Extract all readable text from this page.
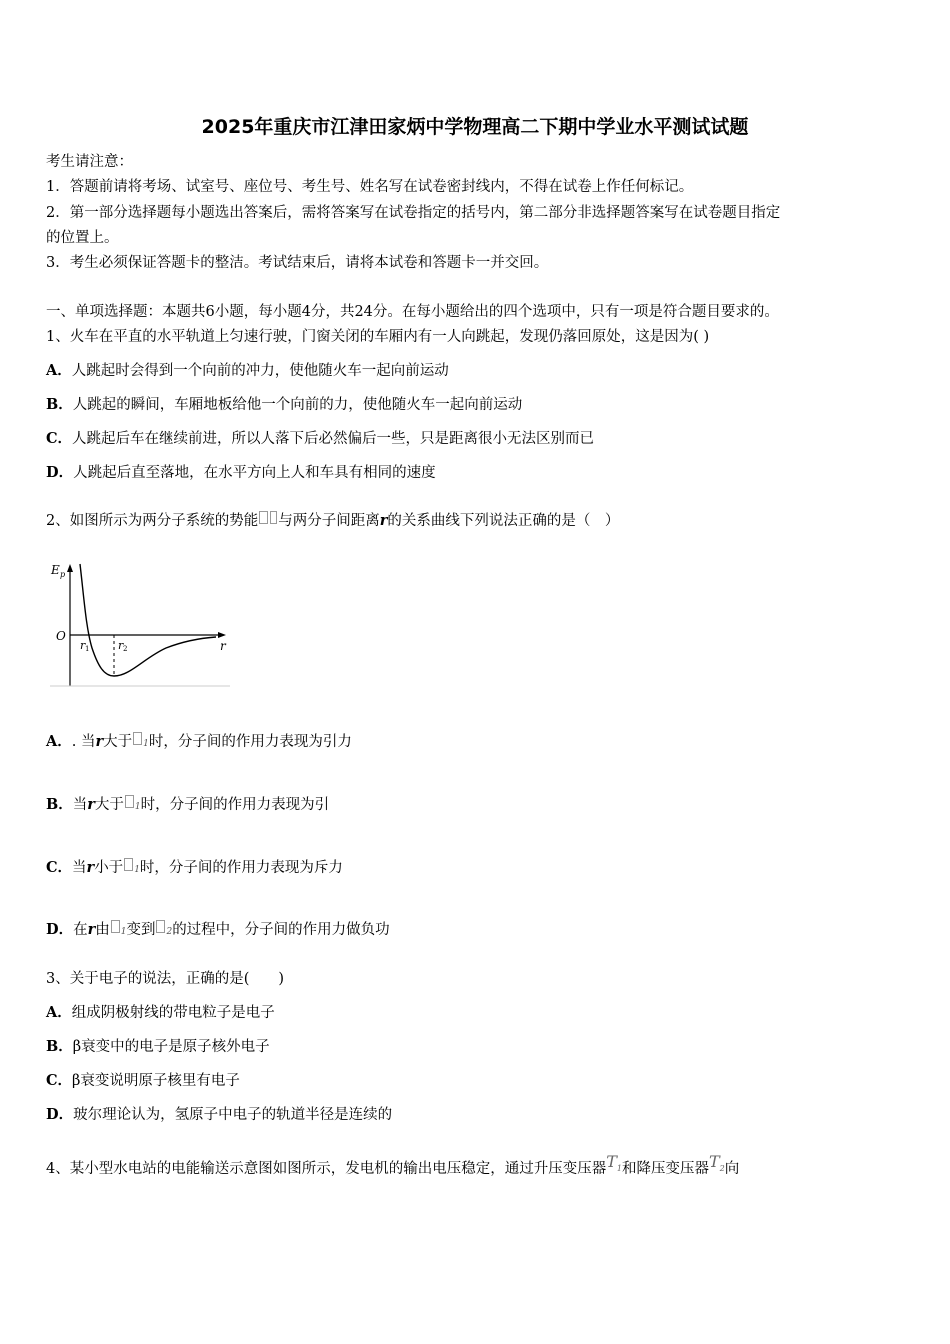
2025年重庆市江津田家炳中学物理高二下期中学业水平测试试题
考生请注意：
1．答题前请将考场、试室号、座位号、考生号、姓名写在试卷密封线内，不得在试卷上作任何标记。
2．第一部分选择题每小题选出答案后，需将答案写在试卷指定的括号内，第二部分非选择题答案写在试卷题目指定
的位置上。
3．考生必须保证答题卡的整洁。考试结束后，请将本试卷和答题卡一并交回。
一、单项选择题：本题共6小题，每小题4分，共24分。在每小题给出的四个选项中，只有一项是符合题目要求的。
1、火车在平直的水平轨道上匀速行驶，门窗关闭的车厢内有一人向跳起，发现仍落回原处，这是因为( )
A．人跳起时会得到一个向前的冲力，使他随火车一起向前运动
B．人跳起的瞬间，车厢地板给他一个向前的力，使他随火车一起向前运动
C．人跳起后车在继续前进，所以人落下后必然偏后一些，只是距离很小无法区别而已
D．人跳起后直至落地，在水平方向上人和车具有相同的速度
2、如图所示为两分子系统的势能 与两分子间距离r的关系曲线下列说法正确的是（　）
E p
O
r 1	r 2	r
A．. 当r大于 1时，分子间的作用力表现为引力
B．当r大于 1时，分子间的作用力表现为引
C．当r小于 1时，分子间的作用力表现为斥力
D．在r由 1变到 2的过程中，分子间的作用力做负功
3、关于电子的说法，正确的是(　　)
A．组成阴极射线的带电粒子是电子
B．β衰变中的电子是原子核外电子
C．β衰变说明原子核里有电子
D．玻尔理论认为，氢原子中电子的轨道半径是连续的
4、某小型水电站的电能输送示意图如图所示，发电机的输出电压稳定，通过升压变压器$T_1$和降压变压器$T_2$向
